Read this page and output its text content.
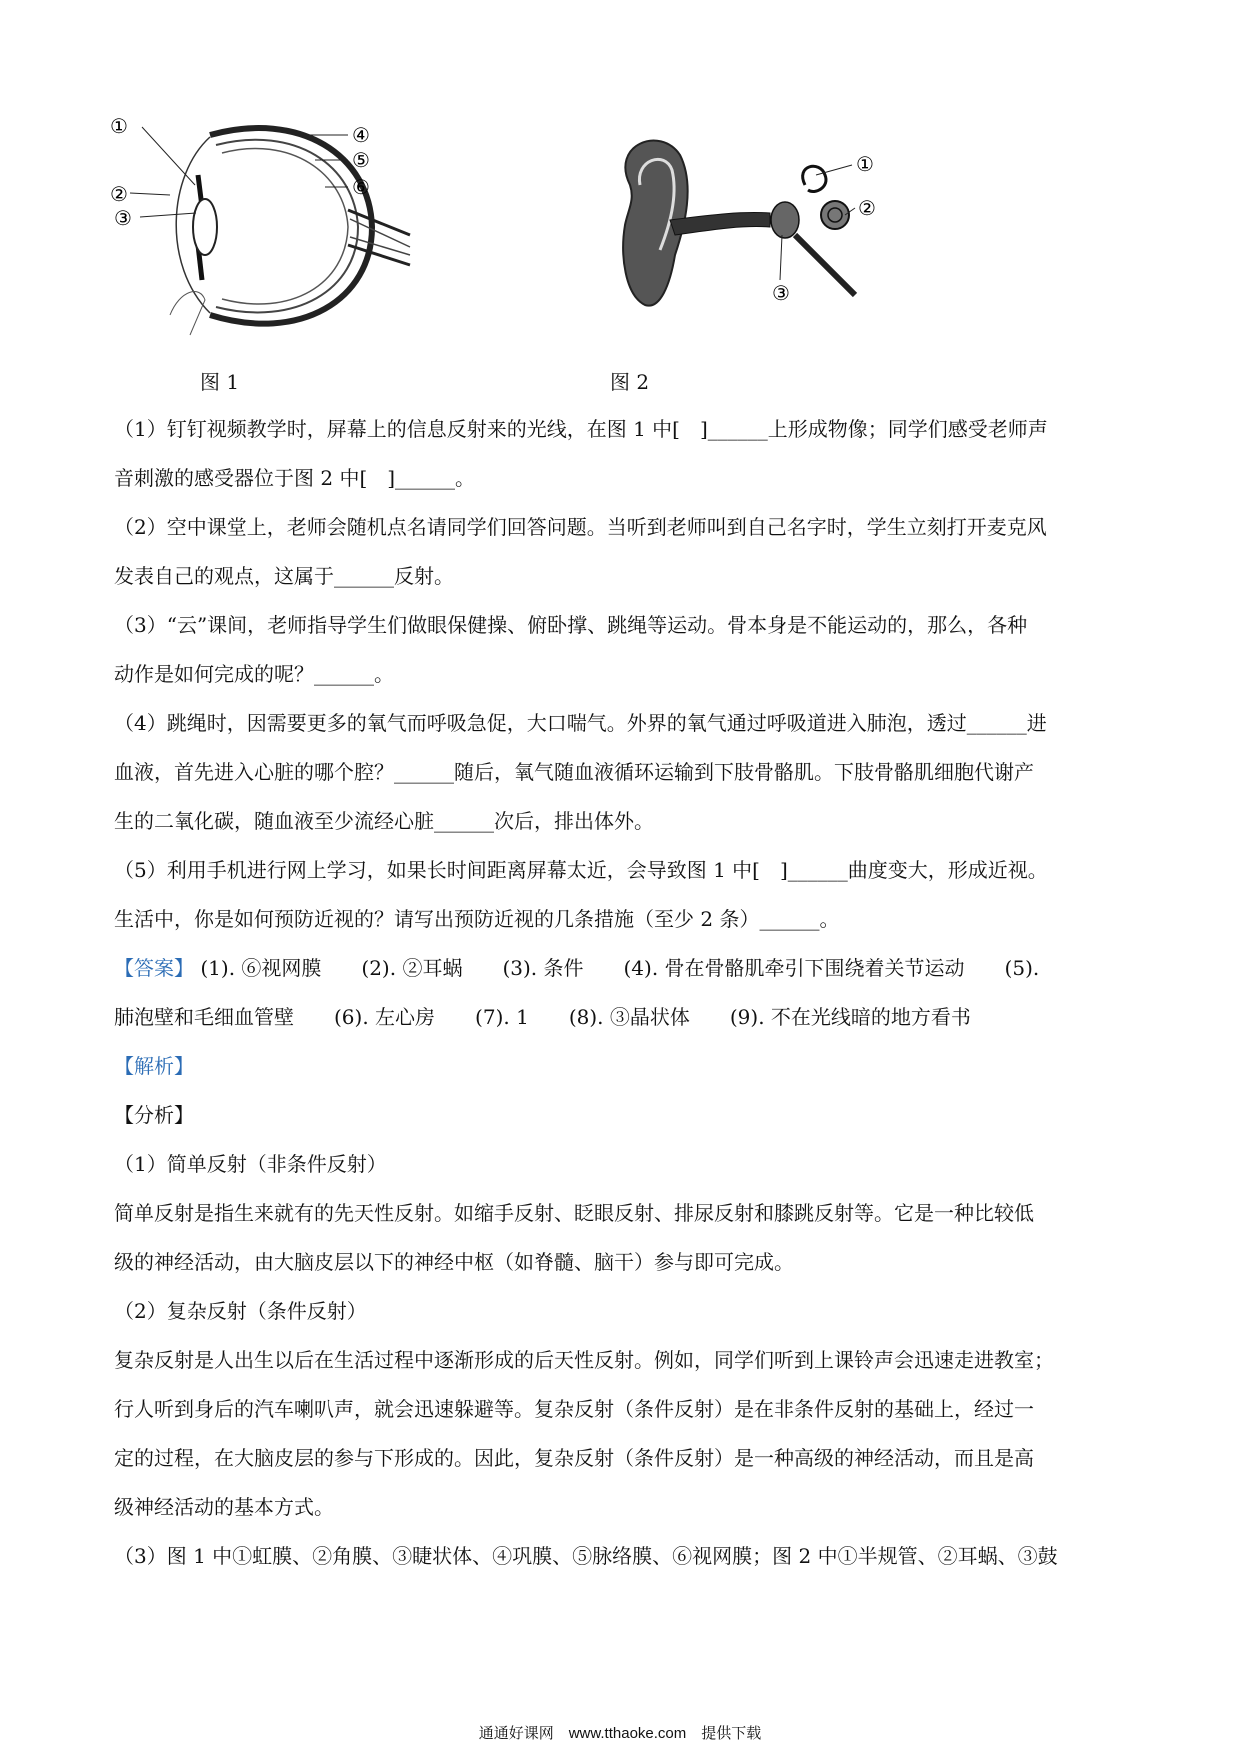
①
②
③
④
⑤
⑥
①
②
③
图 1	图 2
（1）钉钉视频教学时，屏幕上的信息反射来的光线，在图 1 中[　]______上形成物像；同学们感受老师声
音刺激的感受器位于图 2 中[　]______。
（2）空中课堂上，老师会随机点名请同学们回答问题。当听到老师叫到自己名字时，学生立刻打开麦克风
发表自己的观点，这属于______反射。
（3）“云”课间，老师指导学生们做眼保健操、俯卧撑、跳绳等运动。骨本身是不能运动的，那么，各种
动作是如何完成的呢？______。
（4）跳绳时，因需要更多的氧气而呼吸急促，大口喘气。外界的氧气通过呼吸道进入肺泡，透过______进
血液，首先进入心脏的哪个腔？______随后，氧气随血液循环运输到下肢骨骼肌。下肢骨骼肌细胞代谢产
生的二氧化碳，随血液至少流经心脏______次后，排出体外。
（5）利用手机进行网上学习，如果长时间距离屏幕太近，会导致图 1 中[　]______曲度变大，形成近视。
生活中，你是如何预防近视的？请写出预防近视的几条措施（至少 2 条）______。
【答案】 (1). ⑥视网膜　　(2). ②耳蜗　　(3). 条件　　(4). 骨在骨骼肌牵引下围绕着关节运动　　(5).
肺泡壁和毛细血管壁　　(6). 左心房　　(7). 1　　(8). ③晶状体　　(9). 不在光线暗的地方看书
【解析】
【分析】
（1）简单反射（非条件反射）
简单反射是指生来就有的先天性反射。如缩手反射、眨眼反射、排尿反射和膝跳反射等。它是一种比较低
级的神经活动，由大脑皮层以下的神经中枢（如脊髓、脑干）参与即可完成。
（2）复杂反射（条件反射）
复杂反射是人出生以后在生活过程中逐渐形成的后天性反射。例如，同学们听到上课铃声会迅速走进教室；
行人听到身后的汽车喇叭声，就会迅速躲避等。复杂反射（条件反射）是在非条件反射的基础上，经过一
定的过程，在大脑皮层的参与下形成的。因此，复杂反射（条件反射）是一种高级的神经活动，而且是高
级神经活动的基本方式。
（3）图 1 中①虹膜、②角膜、③睫状体、④巩膜、⑤脉络膜、⑥视网膜；图 2 中①半规管、②耳蜗、③鼓
通通好课网　www.tthaoke.com　提供下载
